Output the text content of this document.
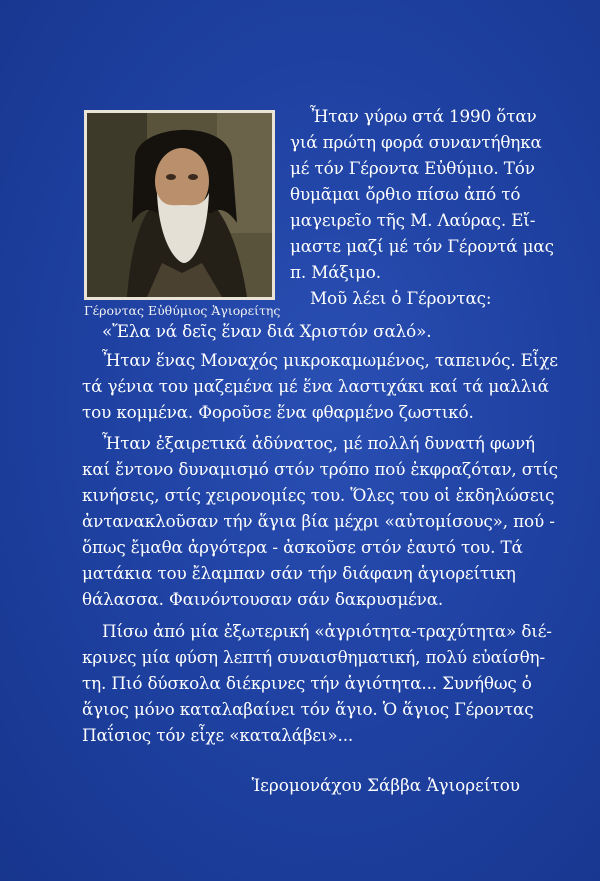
Γέροντας Εὐθύμιος Ἁγιορείτης

Ἦταν γύρω στά 1990 ὅταν

γιά πρώτη φορά συναντήθηκα

μέ τόν Γέροντα Εὐθύμιο. Τόν

θυμᾶμαι ὄρθιο πίσω ἀπό τό

μαγειρεῖο τῆς Μ. Λαύρας. Εἴ-

μαστε μαζί μέ τόν Γέροντά μας

π. Μάξιμο.

Μοῦ λέει ὁ Γέροντας:

«Ἔλα νά δεῖς ἕναν διά Χριστόν σαλό».

Ἦταν ἕνας Μοναχός μικροκαμωμένος, ταπεινός. Εἶχε

τά γένια του μαζεμένα μέ ἕνα λαστιχάκι καί τά μαλλιά

του κομμένα. Φοροῦσε ἕνα φθαρμένο ζωστικό.

Ἦταν ἐξαιρετικά ἀδύνατος, μέ πολλή δυνατή φωνή

καί ἔντονο δυναμισμό στόν τρόπο πού ἐκφραζόταν, στίς

κινήσεις, στίς χειρονομίες του. Ὅλες του οἱ ἐκδηλώσεις

ἀντανακλοῦσαν τήν ἅγια βία μέχρι «αὐτομίσους», πού -

ὅπως ἔμαθα ἀργότερα - ἀσκοῦσε στόν ἑαυτό του. Τά

ματάκια του ἔλαμπαν σάν τήν διάφανη ἁγιορείτικη

θάλασσα. Φαινόντουσαν σάν δακρυσμένα.

Πίσω ἀπό μία ἐξωτερική «ἀγριότητα-τραχύτητα» διέ-

κρινες μία φύση λεπτή συναισθηματική, πολύ εὐαίσθη-

τη. Πιό δύσκολα διέκρινες τήν ἁγιότητα... Συνήθως ὁ

ἅγιος μόνο καταλαβαίνει τόν ἅγιο. Ὁ ἅγιος Γέροντας

Παΐσιος τόν εἶχε «καταλάβει»...

Ἱερομονάχου Σάββα Ἁγιορείτου
